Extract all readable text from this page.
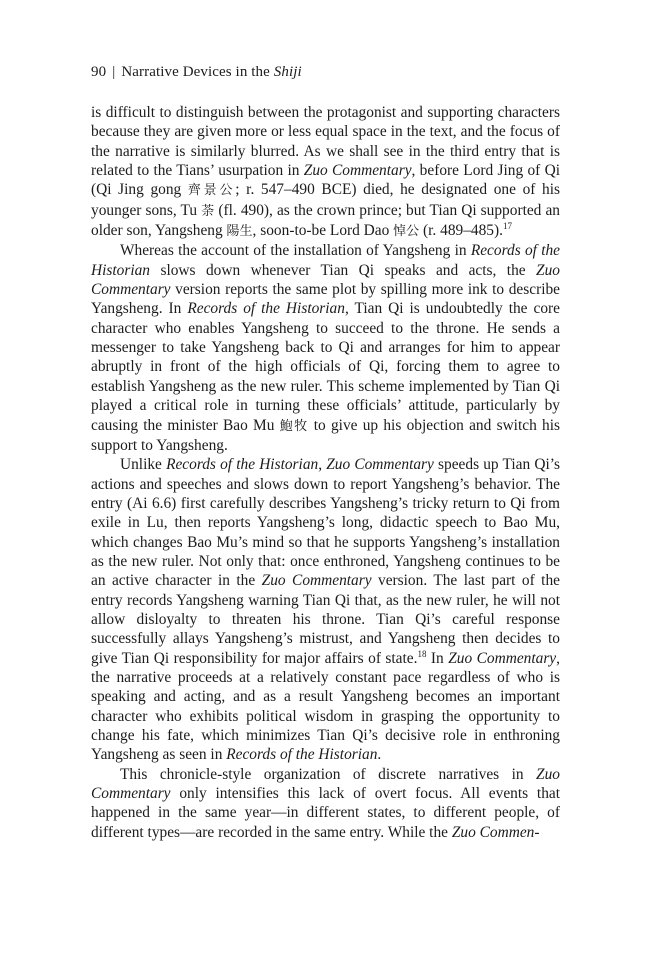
90 | Narrative Devices in the Shiji

is difficult to distinguish between the protagonist and supporting characters because they are given more or less equal space in the text, and the focus of the narrative is similarly blurred. As we shall see in the third entry that is related to the Tians’ usurpation in Zuo Commentary, before Lord Jing of Qi (Qi Jing gong 齊景公; r. 547–490 BCE) died, he designated one of his younger sons, Tu 荼 (fl. 490), as the crown prince; but Tian Qi supported an older son, Yangsheng 陽生, soon-to-be Lord Dao 悼公 (r. 489–485).$^{17}$

Whereas the account of the installation of Yangsheng in Records of the Historian slows down whenever Tian Qi speaks and acts, the Zuo Commentary version reports the same plot by spilling more ink to describe Yangsheng. In Records of the Historian, Tian Qi is undoubtedly the core character who enables Yangsheng to succeed to the throne. He sends a messenger to take Yangsheng back to Qi and arranges for him to appear abruptly in front of the high officials of Qi, forcing them to agree to establish Yangsheng as the new ruler. This scheme implemented by Tian Qi played a critical role in turning these officials’ attitude, particularly by causing the minister Bao Mu 鮑牧 to give up his objection and switch his support to Yangsheng.

Unlike Records of the Historian, Zuo Commentary speeds up Tian Qi’s actions and speeches and slows down to report Yangsheng’s behavior. The entry (Ai 6.6) first carefully describes Yangsheng’s tricky return to Qi from exile in Lu, then reports Yangsheng’s long, didactic speech to Bao Mu, which changes Bao Mu’s mind so that he supports Yangsheng’s installation as the new ruler. Not only that: once enthroned, Yangsheng continues to be an active character in the Zuo Commentary version. The last part of the entry records Yangsheng warning Tian Qi that, as the new ruler, he will not allow disloyalty to threaten his throne. Tian Qi’s careful response successfully allays Yangsheng’s mistrust, and Yangsheng then decides to give Tian Qi responsibility for major affairs of state.$^{18}$ In Zuo Commentary, the narrative proceeds at a relatively constant pace regardless of who is speaking and acting, and as a result Yangsheng becomes an important character who exhibits political wisdom in grasping the opportunity to change his fate, which minimizes Tian Qi’s decisive role in enthroning Yangsheng as seen in Records of the Historian.

This chronicle-style organization of discrete narratives in Zuo Commentary only intensifies this lack of overt focus. All events that happened in the same year—in different states, to different people, of different types—are recorded in the same entry. While the Zuo Commen-
